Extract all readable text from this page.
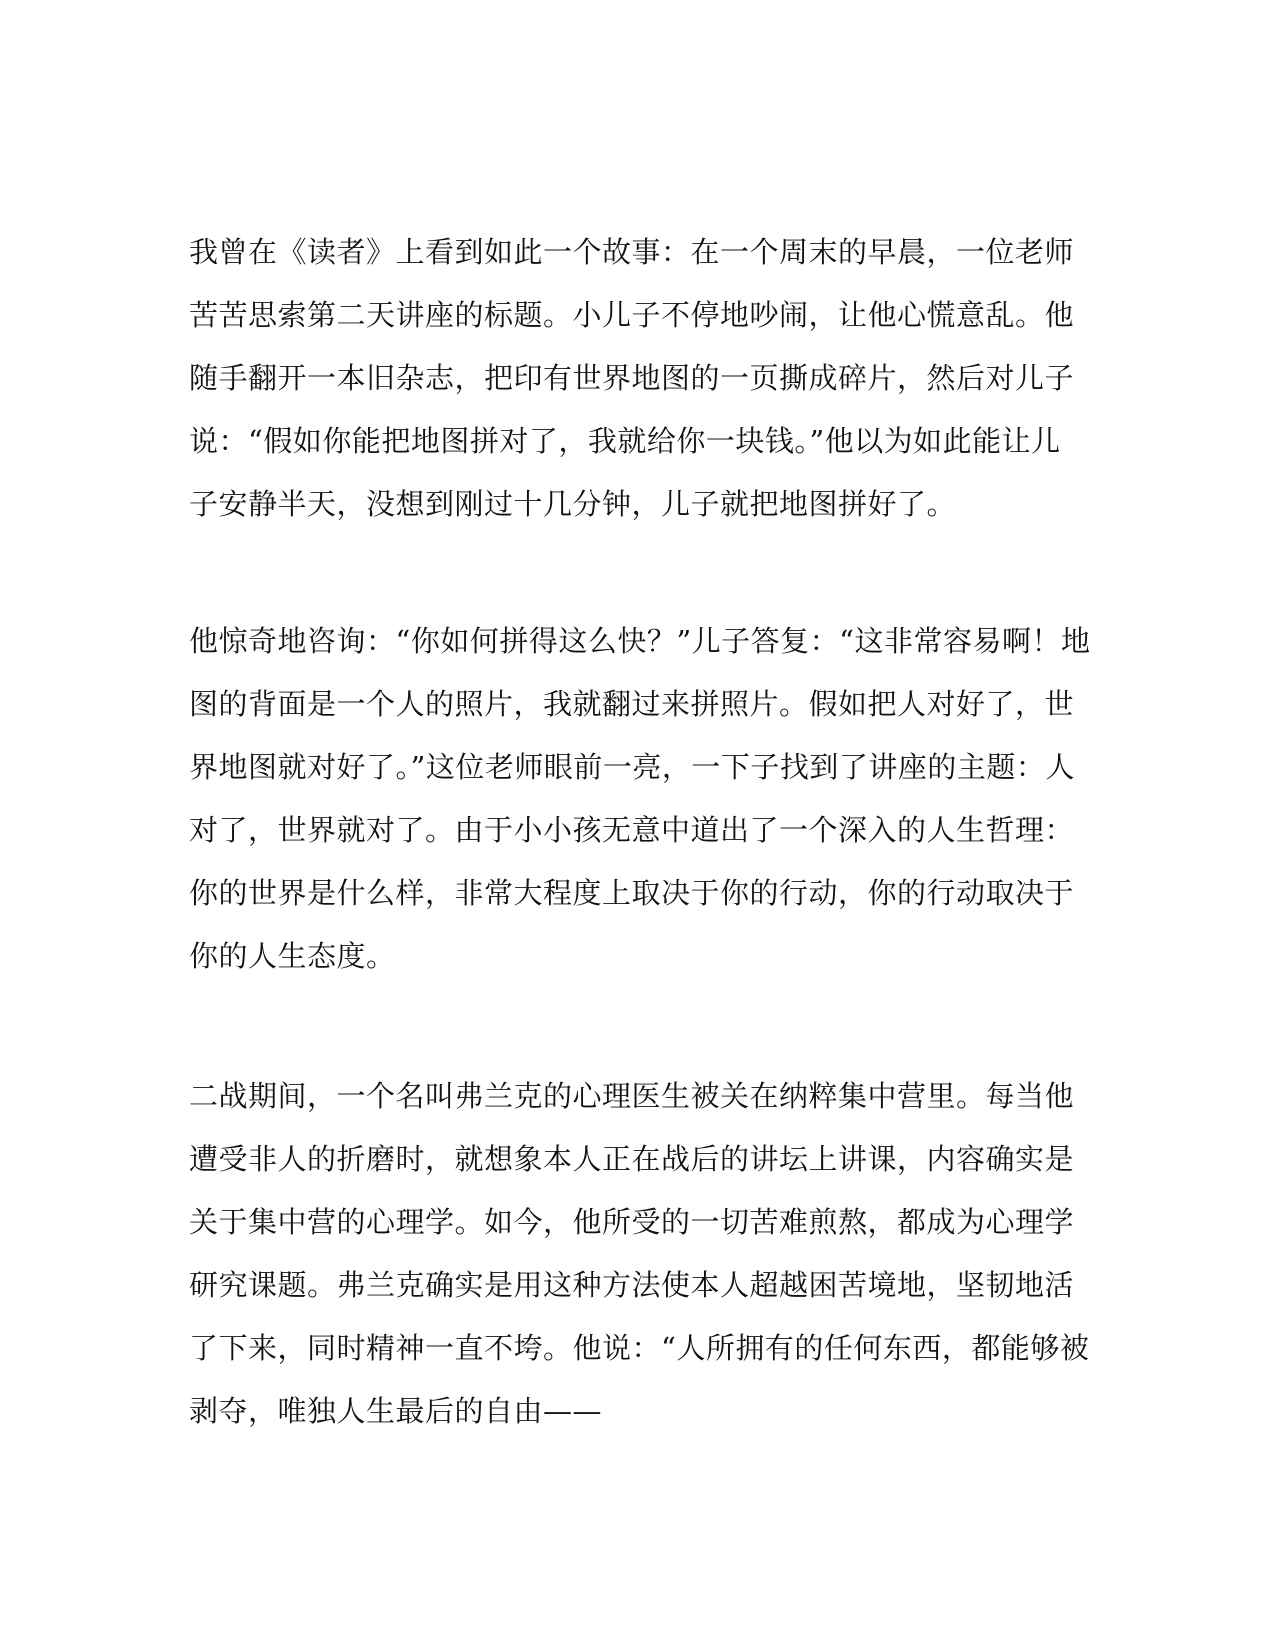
我曾在《读者》上看到如此一个故事：在一个周末的早晨，一位老师
苦苦思索第二天讲座的标题。小儿子不停地吵闹，让他心慌意乱。他
随手翻开一本旧杂志，把印有世界地图的一页撕成碎片，然后对儿子
说：“假如你能把地图拼对了，我就给你一块钱。”他以为如此能让儿
子安静半天，没想到刚过十几分钟，儿子就把地图拼好了。
他惊奇地咨询：“你如何拼得这么快？”儿子答复：“这非常容易啊！地
图的背面是一个人的照片，我就翻过来拼照片。假如把人对好了，世
界地图就对好了。”这位老师眼前一亮，一下子找到了讲座的主题：人
对了，世界就对了。由于小小孩无意中道出了一个深入的人生哲理：
你的世界是什么样，非常大程度上取决于你的行动，你的行动取决于
你的人生态度。
二战期间，一个名叫弗兰克的心理医生被关在纳粹集中营里。每当他
遭受非人的折磨时，就想象本人正在战后的讲坛上讲课，内容确实是
关于集中营的心理学。如今，他所受的一切苦难煎熬，都成为心理学
研究课题。弗兰克确实是用这种方法使本人超越困苦境地，坚韧地活
了下来，同时精神一直不垮。他说：“人所拥有的任何东西，都能够被
剥夺，唯独人生最后的自由——
